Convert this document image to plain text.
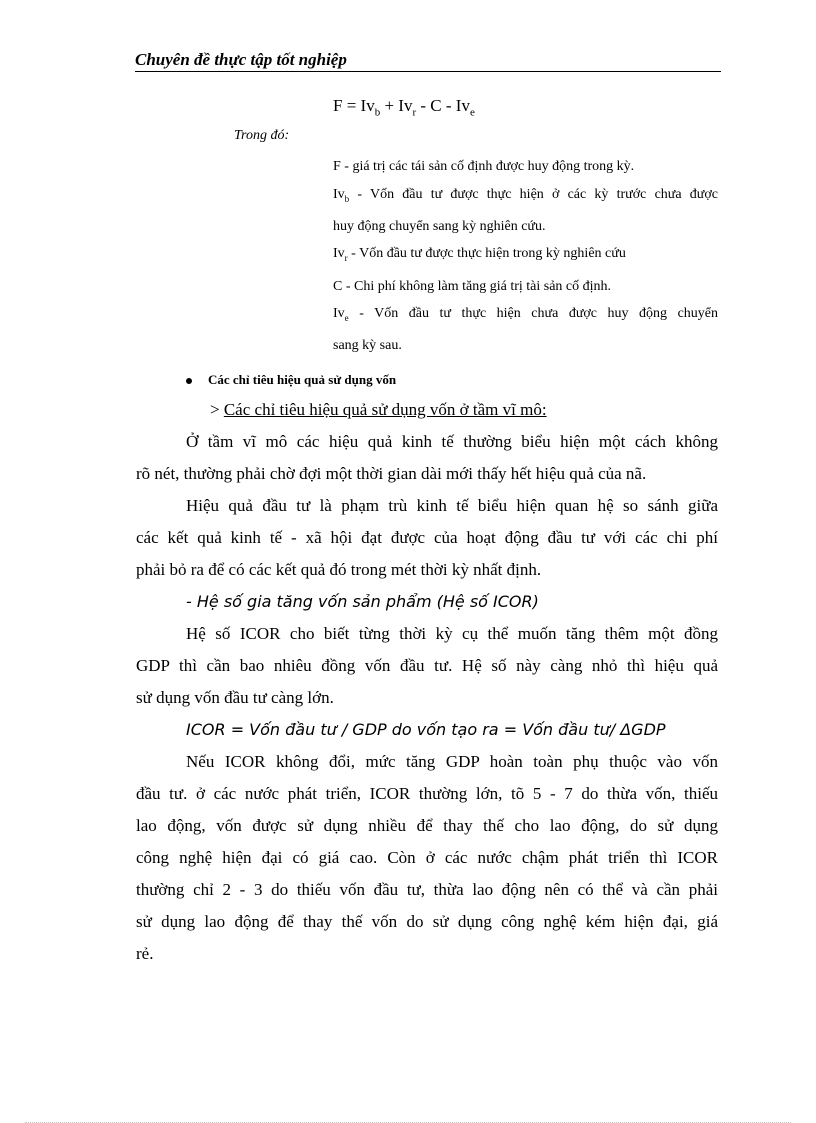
Chuyên đề thực tập tốt nghiệp
$F = Iv_b + Iv_r - C - Iv_e$
Trong đó:
F - giá trị các tái sản cố định được huy động trong kỳ.
$Iv_b$ - Vốn đầu tư được thực hiện ở các kỳ trước chưa được
huy động chuyển sang kỳ nghiên cứu.
$Iv_r$ - Vốn đầu tư được thực hiện trong kỳ nghiên cứu
C - Chi phí không làm tăng giá trị tài sản cố định.
$Iv_e$ - Vốn đầu tư thực hiện chưa được huy động chuyển
sang kỳ sau.
Các chỉ tiêu hiệu quả sử dụng vốn
> Các chỉ tiêu hiệu quả sử dụng vốn ở tầm vĩ mô:

Ở tầm vĩ mô các hiệu quả kinh tế thường biểu hiện một cách không

rõ nét, thường phải chờ đợi một thời gian dài mới thấy hết hiệu quả của nã.

Hiệu quả đầu tư là phạm trù kinh tế biểu hiện quan hệ so sánh giữa

các kết quả kinh tế - xã hội đạt được của hoạt động đầu tư với các chi phí

phải bỏ ra để có các kết quả đó trong mét thời kỳ nhất định.

- Hệ số gia tăng vốn sản phẩm (Hệ số ICOR)

Hệ số ICOR cho biết từng thời kỳ cụ thể muốn tăng thêm một đồng

GDP thì cần bao nhiêu đồng vốn đầu tư. Hệ số này càng nhỏ thì hiệu quả

sử dụng vốn đầu tư càng lớn.

ICOR = Vốn đầu tư / GDP do vốn tạo ra = Vốn đầu tư/ ΔGDP

Nếu ICOR không đổi, mức tăng GDP hoàn toàn phụ thuộc vào vốn

đầu tư. ở các nước phát triển, ICOR thường lớn, tõ 5 - 7 do thừa vốn, thiếu

lao động, vốn được sử dụng nhiều để thay thế cho lao động, do sử dụng

công nghệ hiện đại có giá cao. Còn ở các nước chậm phát triển thì ICOR

thường chỉ 2 - 3 do thiếu vốn đầu tư, thừa lao động nên có thể và cần phải

sử dụng lao động để thay thế vốn do sử dụng công nghệ kém hiện đại, giá

rẻ.
